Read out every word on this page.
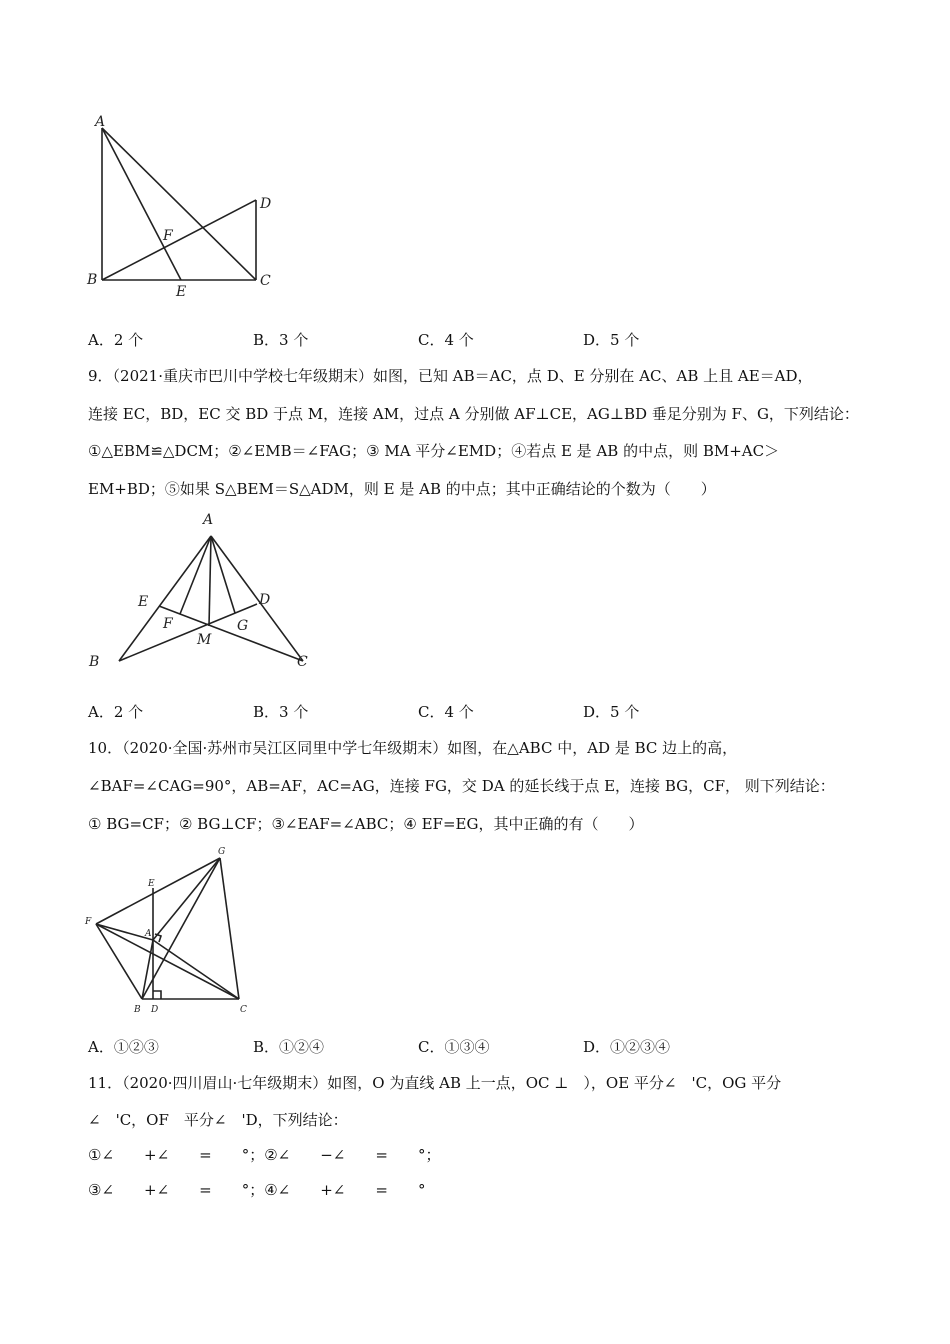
A
B	C
D
E
F
A．2 个	B．3 个	C．4 个	D．5 个
9．（2021·重庆市巴川中学校七年级期末）如图，已知 AB＝AC，点 D、E 分别在 AC、AB 上且 AE＝AD，
连接 EC，BD，EC 交 BD 于点 M，连接 AM，过点 A 分别做 AF⊥CE，AG⊥BD 垂足分别为 F、G，下列结论：
①△EBM≌△DCM；②∠EMB＝∠FAG；③ MA 平分∠EMD；④若点 E 是 AB 的中点，则 BM+AC＞
EM+BD；⑤如果 S△BEM＝S△ADM，则 E 是 AB 的中点；其中正确结论的个数为（　　）
A
B	C
D
E
F	G
M
A．2 个	B．3 个	C．4 个	D．5 个
10．（2020·全国·苏州市吴江区同里中学七年级期末）如图，在△ABC 中，AD 是 BC 边上的高，
∠BAF=∠CAG=90°，AB=AF，AC=AG，连接 FG，交 DA 的延长线于点 E，连接 BG，CF， 则下列结论：
① BG=CF；② BG⊥CF；③∠EAF=∠ABC；④ EF=EG，其中正确的有（　　）
A
B	C
D
E
F
G
A．①②③	B．①②④	C．①③④	D．①②③④
11．（2020·四川眉山·七年级期末）如图，O 为直线 AB 上一点，OC ⊥　），OE 平分∠　'C，OG 平分
∠　'C，OF　平分∠　'D，下列结论：
①∠　　+∠　　=　　°；②∠　　−∠　　=　　°；
③∠　　+∠　　=　　°；④∠　　+∠　　=　　°
